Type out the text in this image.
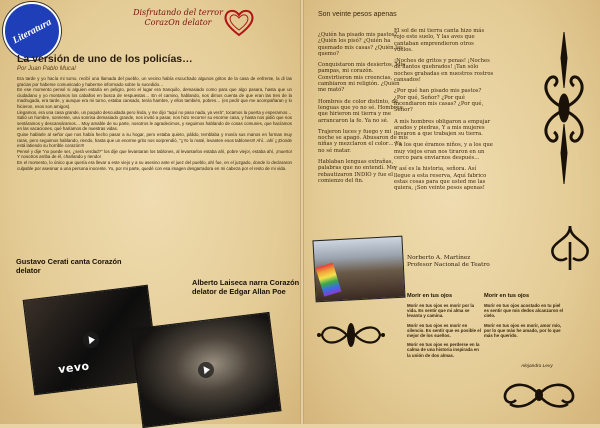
Literatura
Disfrutando del terror
CorazOn delator
La versión de uno de los policías…
Por Juan Pablo Mucal

Era tarde y yo hacía mi turno, recibí una llamada del pueblo, un vecino había escuchado algunos gritos de la casa de enfrente, la di las gracias por haberse comunicado y haberme informado sobre lo sucedido…

En ese momento pensé si alguien estaría en peligro, pero el lugar era tranquilo, demasiado como para que algo pasara, hasta que un ciudadano y yo montamos los caballos en busca de respuestas… En el camino, hablando, nos dimos cuenta de que eran las tres de la madrugada, era tarde, y aunque era mi turno, estaba cansado, tenía hambre, y ellos también, pobres… (es pedir que me acompañaran y lo hicieron, esos son amigos).

Llegamos, era una casa grande, un poquito descuidada pero linda, y me dijo "aquí no paso nada, ya verá", tocamos la puerta y esperamos…

Salió un hombre, sonriente, una sonrisa demasiado grande, nos invitó a pasar, nos hizo recorrer su enorme casa, y hasta nos pidió que nos sentáramos y descansáramos… Muy amable de su parte, nosotros le agradecimos, y seguimos hablando de cosas comunes, que hacíamos en las vacaciones, qué haríamos de nuestras vidas.

Quise hablarle al señor que nos había hecho pasar a su hogar, pero estaba quieto, pálido, temblaba y movía sus manos en formas muy raras, pero seguimos hablando, riendo, hasta que un enorme grito nos sorprendió, "¡¡Yo lo maté, levanten esos tablones!!! Ahí…ahí ¡¡¡Donde está latiendo su horrible corazón!!!

Pensé y dije "no puede ser, ¿será verdad?" los dije que levantaran los tablones, al levantarlos estaba ahí, pobre viejo!, estaba ahí, ¡muerto! Y nosotros arriba de él, charlando y riendo!

En el momento, lo único que quería era llevar a este viejo y a su asesino ante el juez del pueblo, ahí fue, en el juzgado, donde lo declararon culpable por asesinar a una persona inocente. Yo, por mi parte, quedé con esa imagen desgarradora en mi cabeza por el resto de mi vida.

Gustavo Cerati canta Corazón delator
vevo
Alberto Laiseca narra Corazón delator de Edgar Allan Poe
Son veinte pesos apenas

¿Quién ha pisado mis pastos? ¿Quién los pisó? ¿Quién ha quemado mis casas? ¿Quién las quemo?

Conquistaron mis desiertos, Mis pampas, mi corazón. Convirtieron mis creencias, cambiaron mi religión. ¿Quién me mató?

Hombres de color distinto, de lenguas que yo no sé. Hombres que hirieron mi tierra y me arrancaron la fe. Ya no sé.

Trajeron luces y fuego y mi noche se apagó. Abusaron de mis niñas y mezclaron el color… Ya no sé matar.

Hablaban lenguas extrañas, palabras que no entendí. Me rebautizaron INDIO y fue el comienzo del fin.

El sol de mi tierra canta hizo más rojo este suelo, Y las aves que cantaban emprendieron otros vuelos.

¡Noches de gritos y penas! ¡Noches de llantos quebrados! ¡Tan sólo noches grabadas en nuestros rostros cansados!

¿Por qué han pisado mis pastos? ¿Por qué, Señor? ¿Por qué incendiaron mis casas? ¿Por qué, Señor?

A mis hombres obligaron a empujar arados y piedras, Y a mis mujeres llevaron a que trabajen su tierra.

Y a los que éramos niños, y a los que muy viejos eran nos tiraron en un cerco para enviarnos después…

Y así es la historia, señora. Así llegue a esta reserva, Aquí fabrico estas cosas para que usted me las quiera, ¡Son veinte pesos apenas!

Norberto A. Martínez
Profesor Nacional de Teatro
Morir en tus ojos	Morir en tus ojos

Morir en tus ojos es morir por la vida. Es sentir que mi alma se levanta y camina.

Morir en tus ojos es morir en silencio. Es sentir que es posible el mejor de los sueños.

Morir en tus ojos es perderse en la calma de una historia inspirada en la unión de dos almas.

Morir en tus ojos acostado en tu piel es sentir que mis dedos alcanzaron el cielo.

Morir en tus ojos es morir, amor mío, por lo que más he amado, por lo que más he querido.

Alejandro Levy
